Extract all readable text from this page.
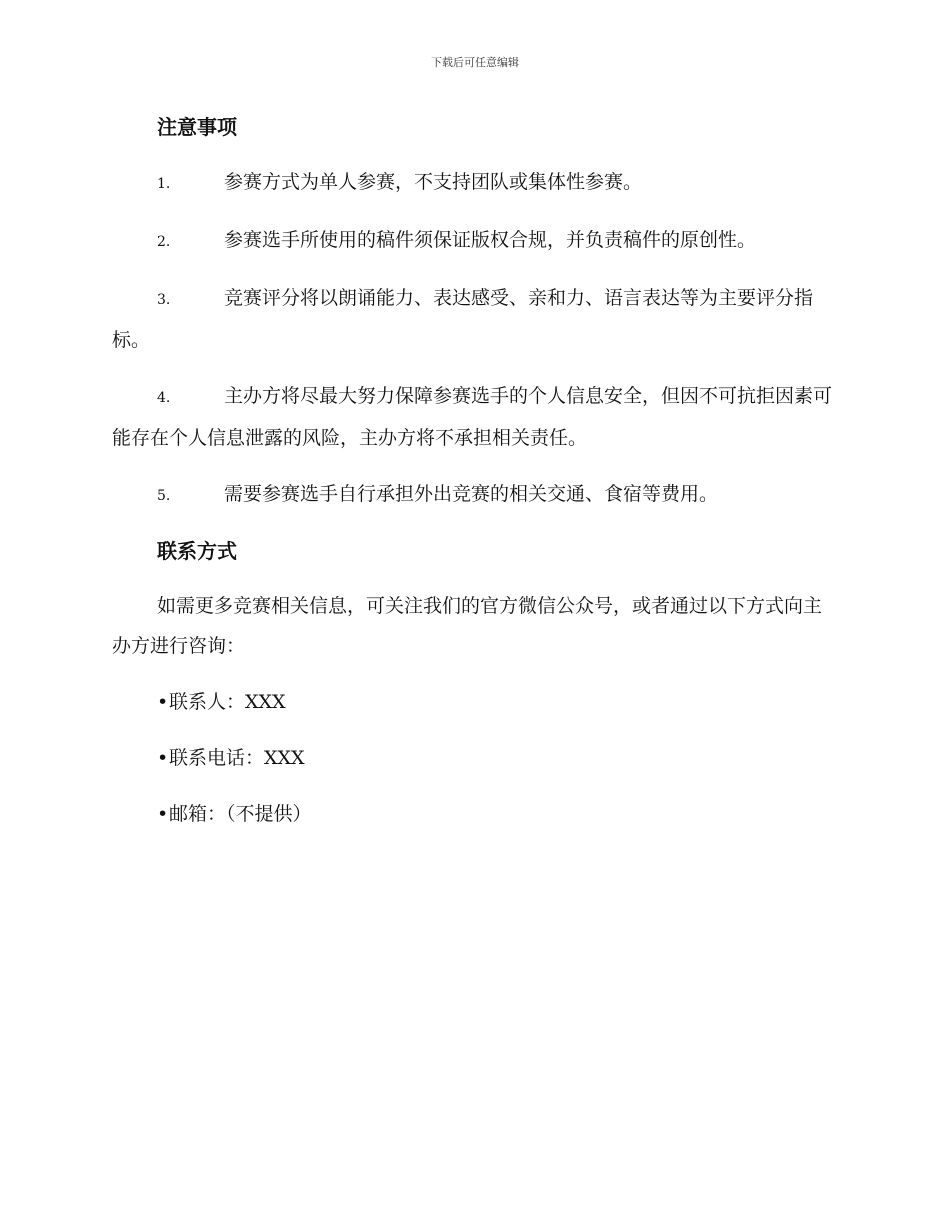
下载后可任意编辑
注意事项

1.	参赛方式为单人参赛，不支持团队或集体性参赛。

2.	参赛选手所使用的稿件须保证版权合规，并负责稿件的原创性。

3.	竞赛评分将以朗诵能力、表达感受、亲和力、语言表达等为主要评分指标。

4.	主办方将尽最大努力保障参赛选手的个人信息安全，但因不可抗拒因素可能存在个人信息泄露的风险，主办方将不承担相关责任。

5.	需要参赛选手自行承担外出竞赛的相关交通、食宿等费用。

联系方式

如需更多竞赛相关信息，可关注我们的官方微信公众号，或者通过以下方式向主办方进行咨询：

•联系人：XXX

•联系电话：XXX

•邮箱：（不提供）
